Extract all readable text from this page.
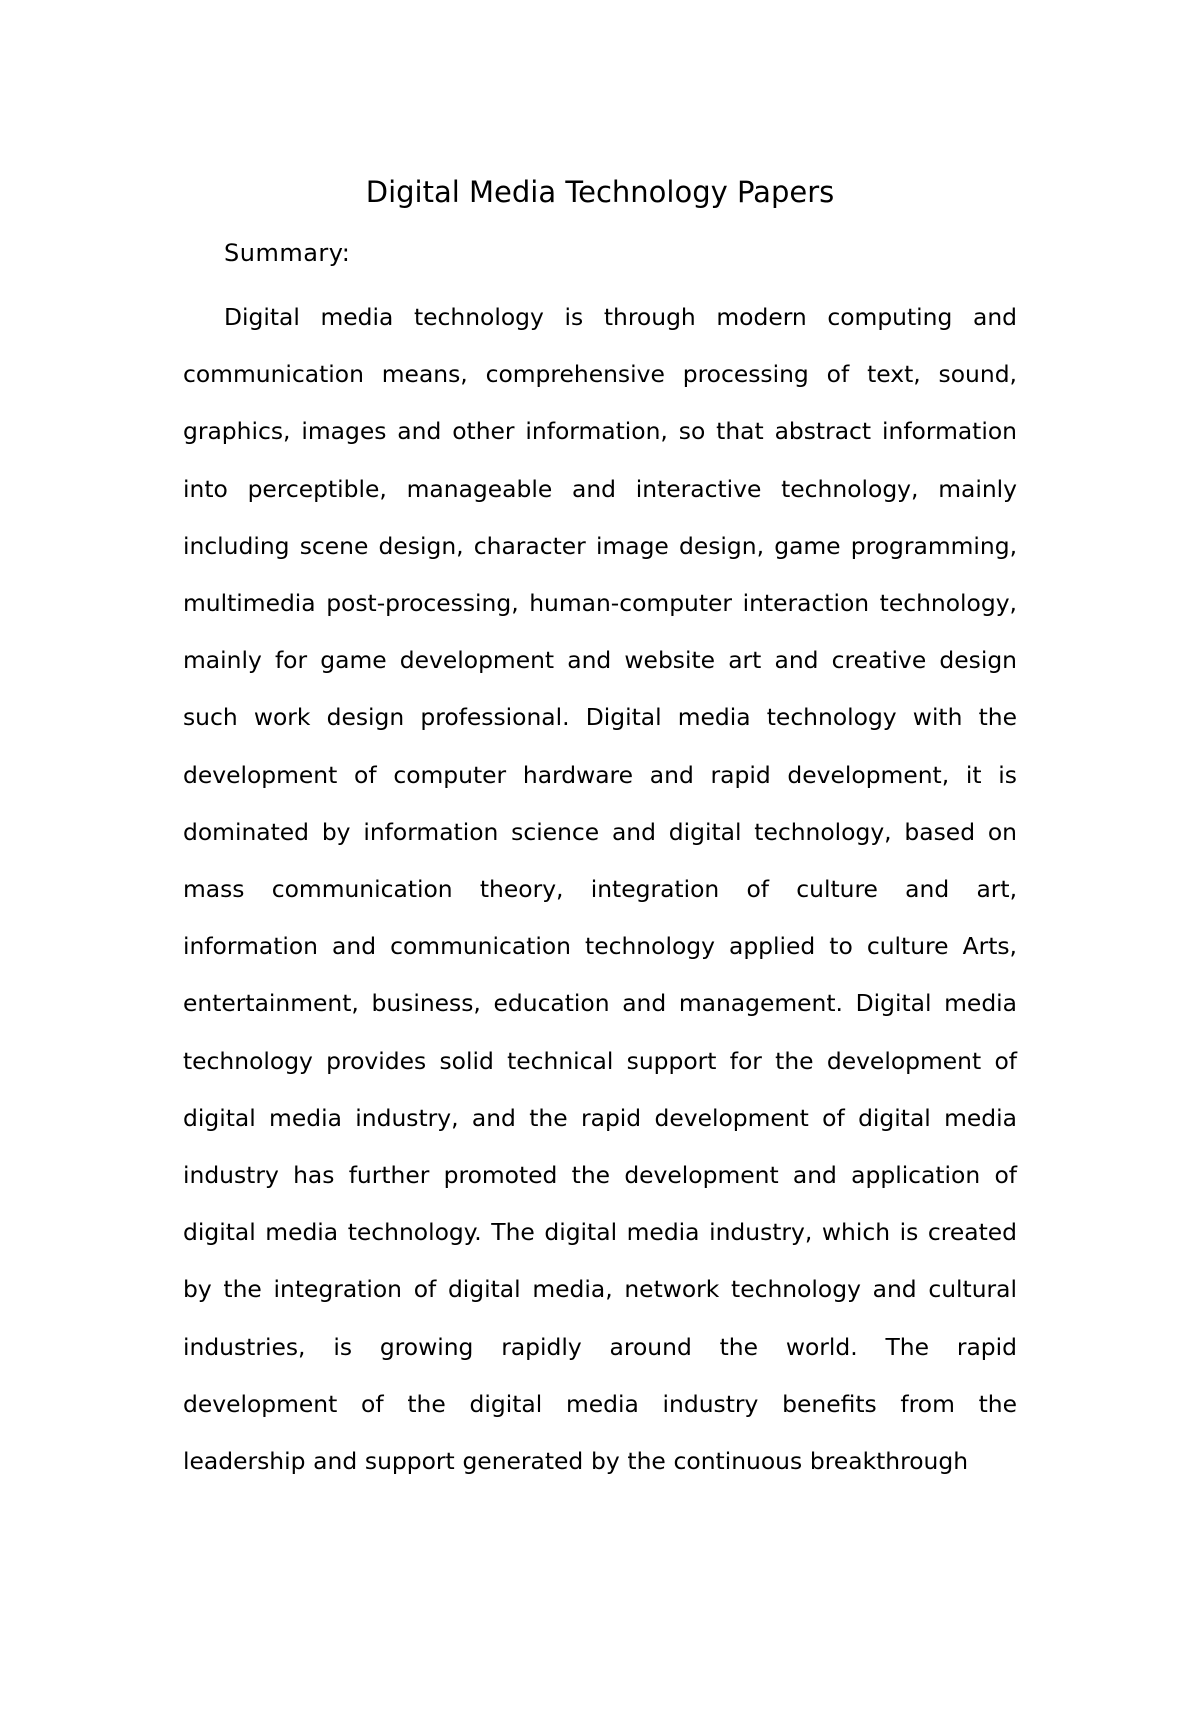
Digital Media Technology Papers

Summary:

Digital media technology is through modern computing and communication means, comprehensive processing of text, sound, graphics, images and other information, so that abstract information into perceptible, manageable and interactive technology, mainly including scene design, character image design, game programming, multimedia post-processing, human-computer interaction technology, mainly for game development and website art and creative design such work design professional. Digital media technology with the development of computer hardware and rapid development, it is dominated by information science and digital technology, based on mass communication theory, integration of culture and art, information and communication technology applied to culture Arts, entertainment, business, education and management. Digital media technology provides solid technical support for the development of digital media industry, and the rapid development of digital media industry has further promoted the development and application of digital media technology. The digital media industry, which is created by the integration of digital media, network technology and cultural industries, is growing rapidly around the world. The rapid development of the digital media industry benefits from the leadership and support generated by the continuous breakthrough
